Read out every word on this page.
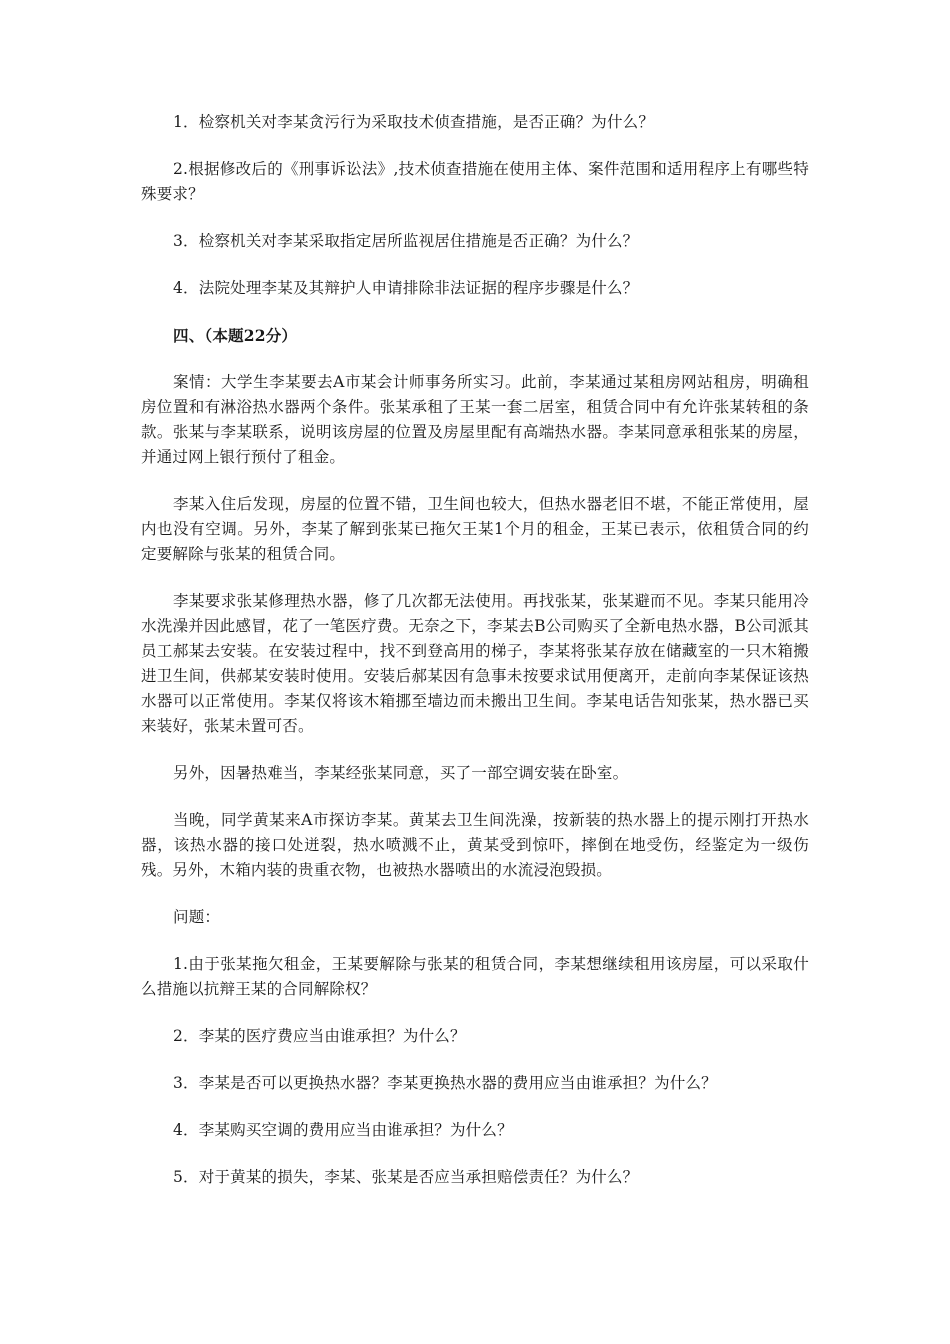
1．检察机关对李某贪污行为采取技术侦查措施，是否正确？为什么？

2.根据修改后的《刑事诉讼法》,技术侦查措施在使用主体、案件范围和适用程序上有哪些特殊要求？

3．检察机关对李某采取指定居所监视居住措施是否正确？为什么？

4．法院处理李某及其辩护人申请排除非法证据的程序步骤是什么？

四、（本题22分）

案情：大学生李某要去A市某会计师事务所实习。此前，李某通过某租房网站租房，明确租房位置和有淋浴热水器两个条件。张某承租了王某一套二居室，租赁合同中有允许张某转租的条款。张某与李某联系，说明该房屋的位置及房屋里配有高端热水器。李某同意承租张某的房屋，并通过网上银行预付了租金。

李某入住后发现，房屋的位置不错，卫生间也较大，但热水器老旧不堪，不能正常使用，屋内也没有空调。另外，李某了解到张某已拖欠王某1个月的租金，王某已表示，依租赁合同的约定要解除与张某的租赁合同。

李某要求张某修理热水器，修了几次都无法使用。再找张某，张某避而不见。李某只能用冷水洗澡并因此感冒，花了一笔医疗费。无奈之下，李某去B公司购买了全新电热水器，B公司派其员工郝某去安装。在安装过程中，找不到登高用的梯子，李某将张某存放在储藏室的一只木箱搬进卫生间，供郝某安装时使用。安装后郝某因有急事未按要求试用便离开，走前向李某保证该热水器可以正常使用。李某仅将该木箱挪至墙边而未搬出卫生间。李某电话告知张某，热水器已买来装好，张某未置可否。

另外，因暑热难当，李某经张某同意，买了一部空调安装在卧室。

当晚，同学黄某来A市探访李某。黄某去卫生间洗澡，按新装的热水器上的提示刚打开热水器，该热水器的接口处迸裂，热水喷溅不止，黄某受到惊吓，摔倒在地受伤，经鉴定为一级伤残。另外，木箱内装的贵重衣物，也被热水器喷出的水流浸泡毁损。

问题：

1.由于张某拖欠租金，王某要解除与张某的租赁合同，李某想继续租用该房屋，可以采取什么措施以抗辩王某的合同解除权？

2．李某的医疗费应当由谁承担？为什么？

3．李某是否可以更换热水器？李某更换热水器的费用应当由谁承担？为什么？

4．李某购买空调的费用应当由谁承担？为什么？

5．对于黄某的损失，李某、张某是否应当承担赔偿责任？为什么？
